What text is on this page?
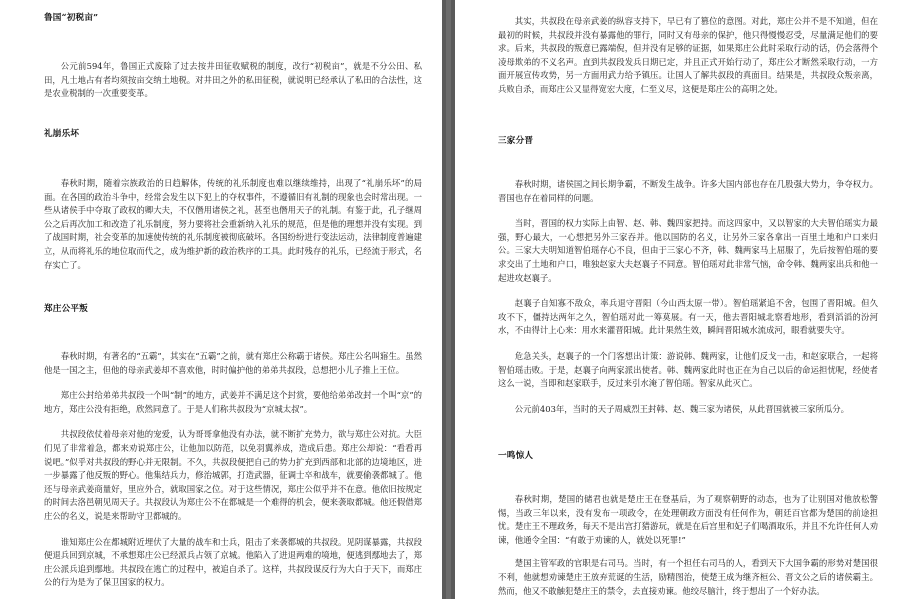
鲁国“初税亩”

公元前594年，鲁国正式废除了过去按井田征收赋税的制度，改行“初税亩”，就是不分公田、私田，凡土地占有者均须按亩交纳土地税。对井田之外的私田征税，就说明已经承认了私田的合法性，这是农业税制的一次重要变革。

礼崩乐坏

春秋时期，随着宗族政治的日趋解体，传统的礼乐制度也难以继续维持，出现了“礼崩乐坏”的局面。在各国的政治斗争中，经常会发生以下犯上的夺权事件，不遵循旧有礼制的现象也会时常出现。一些从诸侯手中夺取了政权的卿大夫，不仅僭用诸侯之礼，甚至也僭用天子的礼制。有鉴于此，孔子继周公之后再次加工和改造了礼乐制度，努力要将社会重新纳入礼乐的规范，但是他的理想并没有实现。到了战国时期，社会变革的加速使传统的礼乐制度被彻底破坏。各国纷纷进行变法运动，法律制度普遍建立，从而将礼乐的地位取而代之，成为维护新的政治秩序的工具。此时残存的礼乐，已经流于形式，名存实亡了。

郑庄公平叛

春秋时期，有著名的“五霸”，其实在“五霸”之前，就有郑庄公称霸于诸侯。郑庄公名叫寤生。虽然他是一国之主，但他的母亲武姜却不喜欢他，时时偏护他的弟弟共叔段，总想把小儿子推上王位。

郑庄公封给弟弟共叔段一个叫“制”的地方，武姜并不满足这个封赏，要他给弟弟改封一个叫“京”的地方，郑庄公没有拒绝，欣然同意了。于是人们称共叔段为“京城太叔”。

共叔段依仗着母亲对他的宠爱，认为哥哥拿他没有办法，就不断扩充势力，欲与郑庄公对抗。大臣们见了非常着急，都来劝说郑庄公，让他加以防范，以免羽翼养成，造成后患。郑庄公却说：“看看再说吧。”似乎对共叔段的野心并无限制。不久，共叔段便把自己的势力扩充到西部和北部的边境地区，进一步暴露了他反叛的野心。他集结兵力，修治城郭，打造武器，征调士卒和战车，就要偷袭都城了。他还与母亲武姜商量好，里应外合，就取国家之位。对于这些情况，郑庄公似乎并不在意。他依旧按规定的时间去洛邑朝见周天子。共叔段认为郑庄公不在都城是一个难得的机会，便来袭取都城。他还假借郑庄公的名义，说是来帮助守卫都城的。

谁知郑庄公在都城附近埋伏了大量的战车和士兵，阻击了来袭都城的共叔段。见阴谋暴露，共叔段便退兵回到京城，不承想郑庄公已经派兵占领了京城。他陷入了进退两难的境地，便逃到鄢地去了，郑庄公派兵追到鄢地。共叔段在逃亡的过程中，被追自杀了。这样，共叔段谋反行为大白于天下，而郑庄公的行为是为了保卫国家的权力。

其实，共叔段在母亲武姜的纵容支持下，早已有了篡位的意图。对此，郑庄公并不是不知道，但在最初的时候，共叔段并没有暴露他的罪行，同时又有母亲的保护，他只得慢慢忍受，尽量满足他们的要求。后来，共叔段的叛意已露端倪，但并没有足够的证据，如果郑庄公此时采取行动的话，仍会落得个凌母欺弟的不义名声。直到共叔段发兵日期已定，并且正式开始行动了，郑庄公才断然采取行动，一方面开展宣传攻势，另一方面用武力给予镇压。让国人了解共叔段的真面目。结果是，共叔段众叛亲离，兵败自杀，而郑庄公又显得宽宏大度，仁至义尽，这便是郑庄公的高明之处。

三家分晋

春秋时期，诸侯国之间长期争霸，不断发生战争。许多大国内部也存在几股强大势力，争夺权力。晋国也存在着同样的问题。

当时，晋国的权力实际上由智、赵、韩、魏四家把持。而这四家中，又以智家的大夫智伯瑶实力最强，野心最大，一心想把另外三家吞并。他以国防的名义，让另外三家各拿出一百里土地和户口来归公。三家大夫明知道智伯瑶存心不良，但由于三家心不齐，韩、魏两家马上屈服了，先后按智伯瑶的要求交出了土地和户口，唯独赵家大夫赵襄子不同意。智伯瑶对此非常气恼，命令韩、魏两家出兵和他一起进攻赵襄子。

赵襄子自知寡不敌众，率兵退守晋阳（今山西太原一带）。智伯瑶紧追不舍，包围了晋阳城。但久攻不下，僵持达两年之久，智伯瑶对此一筹莫展。有一天，他去晋阳城北察看地形，看到滔滔的汾河水，不由得计上心来：用水来灌晋阳城。此计果然生效，瞬间晋阳城水流成河，眼看就要失守。

危急关头，赵襄子的一个门客想出计策：游说韩、魏两家，让他们反戈一击，和赵家联合，一起将智伯瑶击败。于是，赵襄子向两家派出使者。韩、魏两家此时也正在为自己以后的命运担忧呢，经使者这么一说，当即和赵家联手，反过来引水淹了智伯瑶。智家从此灭亡。

公元前403年，当时的天子周威烈王封韩、赵、魏三家为诸侯，从此晋国就被三家所瓜分。

一鸣惊人

春秋时期，楚国的储君也就是楚庄王在登基后，为了观察朝野的动态，也为了让别国对他放松警惕，当政三年以来，没有发布一项政令，在处理朝政方面没有任何作为，朝廷百官都为楚国的前途担忧。楚庄王不理政务，每天不是出宫打猎游玩，就是在后宫里和妃子们喝酒取乐，并且不允许任何人劝谏，他通令全国：“有敢于劝谏的人，就处以死罪!”

楚国主管军政的官职是右司马。当时，有一个担任右司马的人，看到天下大国争霸的形势对楚国很不利，他就想劝谏楚庄王放弃荒诞的生活，励精图治，使楚王成为继齐桓公、晋文公之后的诸侯霸主。然而，他又不敢触犯楚庄王的禁令，去直接劝谏。他绞尽脑汁，终于想出了一个好办法。
